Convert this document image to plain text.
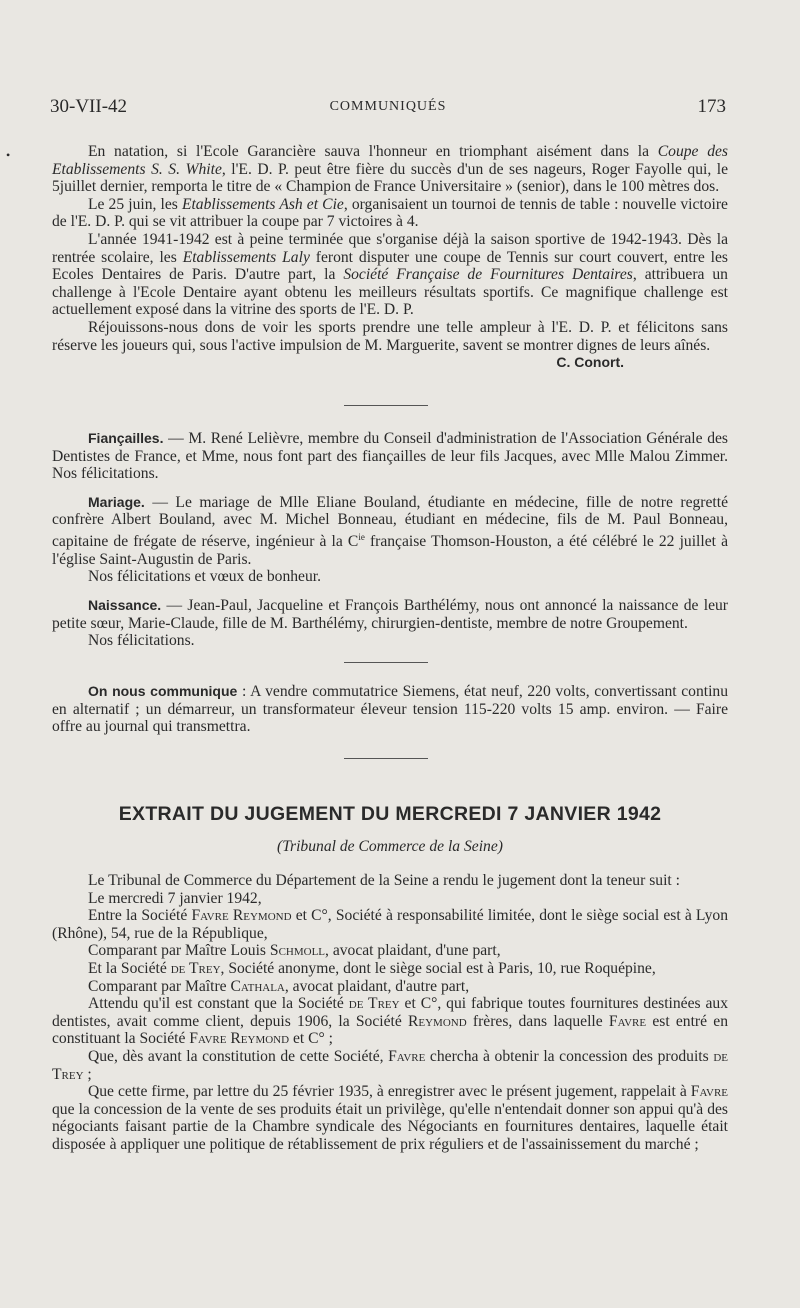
30-VII-42	COMMUNIQUÉS	173
•	En natation, si l'Ecole Garancière sauva l'honneur en triomphant aisément dans la Coupe des Etablissements S. S. White, l'E. D. P. peut être fière du succès d'un de ses nageurs, Roger Fayolle qui, le 5juillet dernier, remporta le titre de « Champion de France Universitaire » (senior), dans le 100 mètres dos.

Le 25 juin, les Etablissements Ash et Cie, organisaient un tournoi de tennis de table : nouvelle victoire de l'E. D. P. qui se vit attribuer la coupe par 7 victoires à 4.

L'année 1941-1942 est à peine terminée que s'organise déjà la saison sportive de 1942-1943. Dès la rentrée scolaire, les Etablissements Laly feront disputer une coupe de Tennis sur court couvert, entre les Ecoles Dentaires de Paris. D'autre part, la Société Française de Fournitures Dentaires, attribuera un challenge à l'Ecole Dentaire ayant obtenu les meilleurs résultats sportifs. Ce magnifique challenge est actuellement exposé dans la vitrine des sports de l'E. D. P.

Réjouissons-nous dons de voir les sports prendre une telle ampleur à l'E. D. P. et félicitons sans réserve les joueurs qui, sous l'active impulsion de M. Marguerite, savent se montrer dignes de leurs aînés.
C. Conort.

Fiançailles. — M. René Lelièvre, membre du Conseil d'administration de l'Association Générale des Dentistes de France, et Mme, nous font part des fiançailles de leur fils Jacques, avec Mlle Malou Zimmer. Nos félicitations.

Mariage. — Le mariage de Mlle Eliane Bouland, étudiante en médecine, fille de notre regretté confrère Albert Bouland, avec M. Michel Bonneau, étudiant en médecine, fils de M. Paul Bonneau, capitaine de frégate de réserve, ingénieur à la $C^{ie}$ française Thomson-Houston, a été célébré le 22 juillet à l'église Saint-Augustin de Paris.

Nos félicitations et vœux de bonheur.

Naissance. — Jean-Paul, Jacqueline et François Barthélémy, nous ont annoncé la naissance de leur petite sœur, Marie-Claude, fille de M. Barthélémy, chirurgien-dentiste, membre de notre Groupement.

Nos félicitations.

On nous communique : A vendre commutatrice Siemens, état neuf, 220 volts, convertissant continu en alternatif ; un démarreur, un transformateur éleveur tension 115-220 volts 15 amp. environ. — Faire offre au journal qui transmettra.

EXTRAIT DU JUGEMENT DU MERCREDI 7 JANVIER 1942
(Tribunal de Commerce de la Seine)

Le Tribunal de Commerce du Département de la Seine a rendu le jugement dont la teneur suit :

Le mercredi 7 janvier 1942,

Entre la Société Favre Reymond et C°, Société à responsabilité limitée, dont le siège social est à Lyon (Rhône), 54, rue de la République,

Comparant par Maître Louis Schmoll, avocat plaidant, d'une part,

Et la Société de Trey, Société anonyme, dont le siège social est à Paris, 10, rue Roquépine,

Comparant par Maître Cathala, avocat plaidant, d'autre part,

Attendu qu'il est constant que la Société de Trey et C°, qui fabrique toutes fournitures destinées aux dentistes, avait comme client, depuis 1906, la Société Reymond frères, dans laquelle Favre est entré en constituant la Société Favre Reymond et C° ;

Que, dès avant la constitution de cette Société, Favre chercha à obtenir la concession des produits de Trey ;

Que cette firme, par lettre du 25 février 1935, à enregistrer avec le présent jugement, rappelait à Favre que la concession de la vente de ses produits était un privilège, qu'elle n'entendait donner son appui qu'à des négociants faisant partie de la Chambre syndicale des Négociants en fournitures dentaires, laquelle était disposée à appliquer une politique de rétablissement de prix réguliers et de l'assainissement du marché ;
